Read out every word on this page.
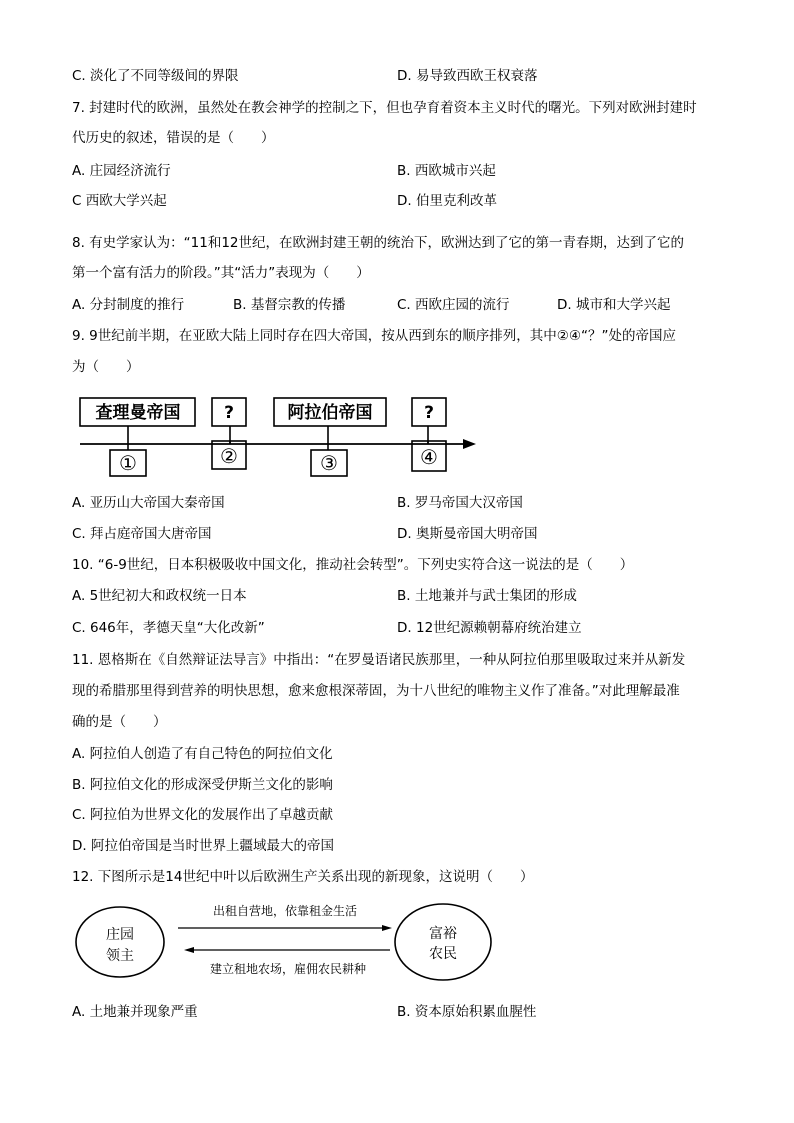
C. 淡化了不同等级间的界限	D. 易导致西欧王权衰落
7. 封建时代的欧洲，虽然处在教会神学的控制之下，但也孕育着资本主义时代的曙光。下列对欧洲封建时
代历史的叙述，错误的是（　　）
A. 庄园经济流行	B. 西欧城市兴起
C 西欧大学兴起	D. 伯里克利改革
8. 有史学家认为：“11和12世纪，在欧洲封建王朝的统治下，欧洲达到了它的第一青春期，达到了它的
第一个富有活力的阶段。”其“活力”表现为（　　）
A. 分封制度的推行	B. 基督宗教的传播	C. 西欧庄园的流行	D. 城市和大学兴起
9. 9世纪前半期，在亚欧大陆上同时存在四大帝国，按从西到东的顺序排列，其中②④“？”处的帝国应
为（　　）
查理曼帝国	?	阿拉伯帝国	?
①	②	③	④
A. 亚历山大帝国大秦帝国	B. 罗马帝国大汉帝国
C. 拜占庭帝国大唐帝国	D. 奥斯曼帝国大明帝国
10. “6-9世纪，日本积极吸收中国文化，推动社会转型”。下列史实符合这一说法的是（　　）
A. 5世纪初大和政权统一日本	B. 土地兼并与武士集团的形成
C. 646年，孝德天皇“大化改新”	D. 12世纪源赖朝幕府统治建立
11. 恩格斯在《自然辩证法导言》中指出：“在罗曼语诸民族那里，一种从阿拉伯那里吸取过来并从新发
现的希腊那里得到营养的明快思想，愈来愈根深蒂固，为十八世纪的唯物主义作了准备。”对此理解最准
确的是（　　）
A. 阿拉伯人创造了有自己特色的阿拉伯文化
B. 阿拉伯文化的形成深受伊斯兰文化的影响
C. 阿拉伯为世界文化的发展作出了卓越贡献
D. 阿拉伯帝国是当时世界上疆域最大的帝国
12. 下图所示是14世纪中叶以后欧洲生产关系出现的新现象，这说明（　　）
庄园
领主
富裕
农民
出租自营地，依靠租金生活
建立租地农场，雇佣农民耕种
A. 土地兼并现象严重	B. 资本原始积累血腥性
